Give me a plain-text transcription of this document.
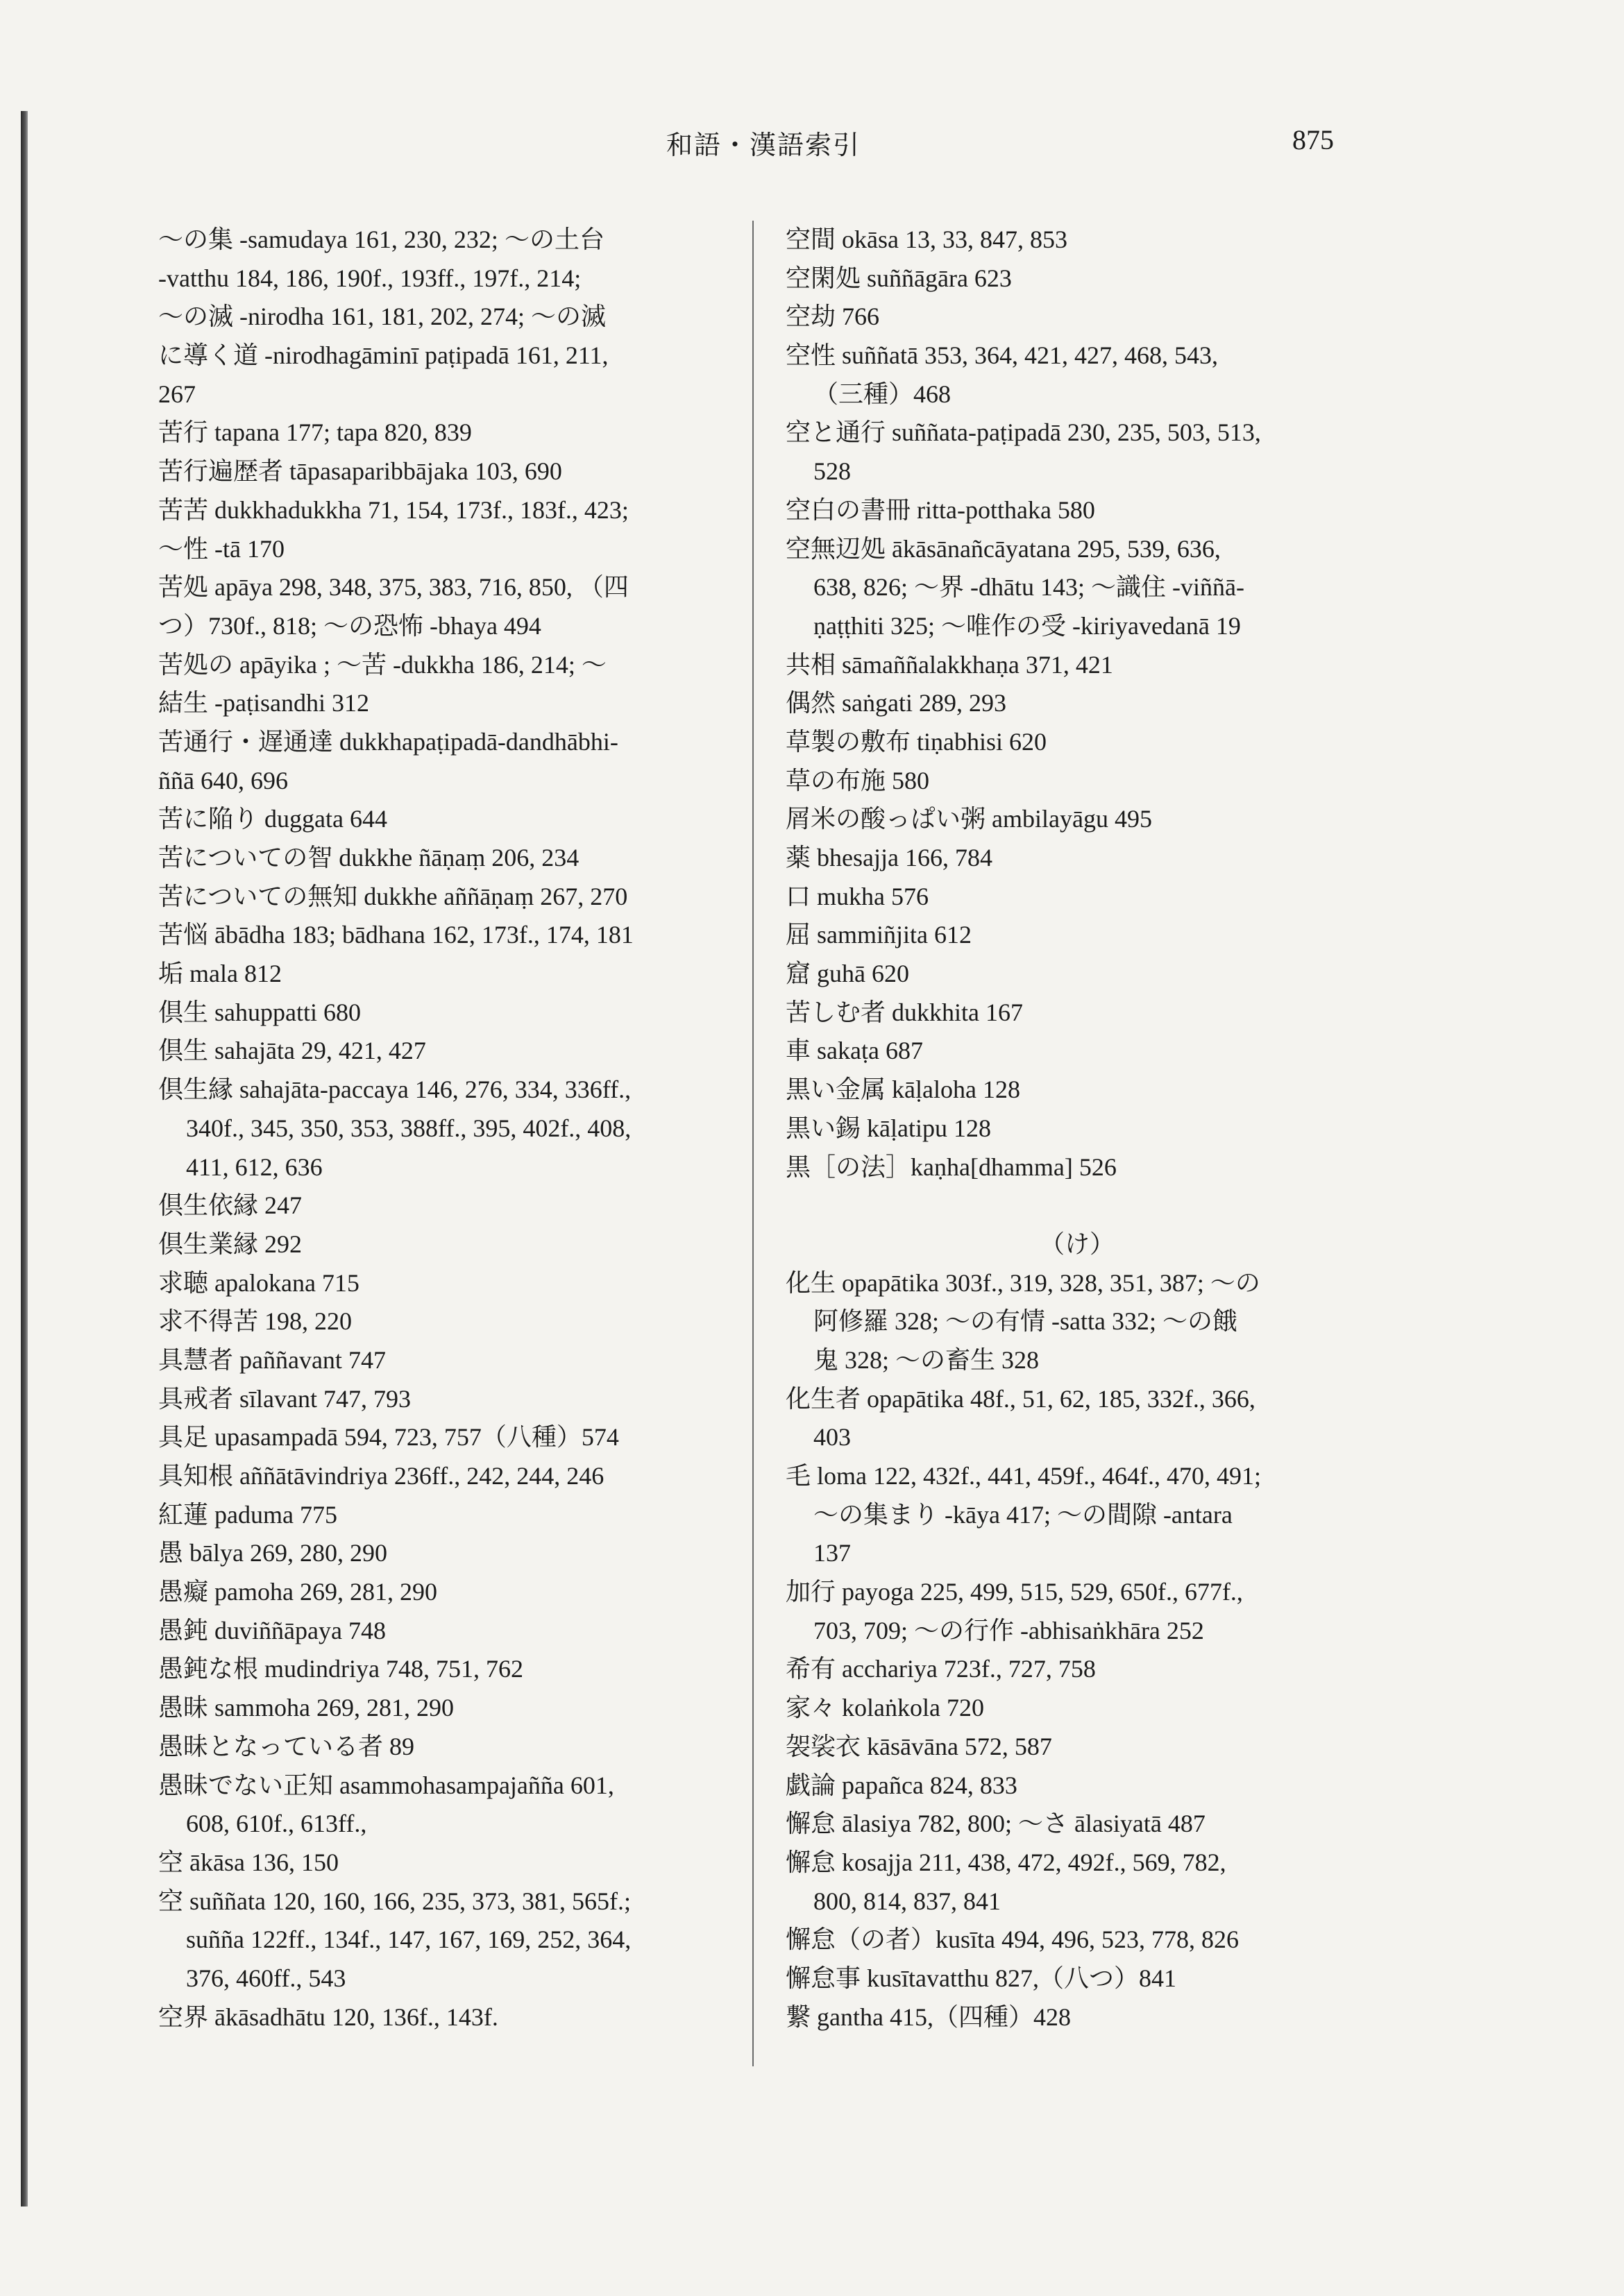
和語・漢語索引	875
～の集 -samudaya 161, 230, 232; ～の土台
-vatthu 184, 186, 190f., 193ff., 197f., 214;
～の滅 -nirodha 161, 181, 202, 274; ～の滅
に導く道 -nirodhagāminī paṭipadā 161, 211,
267
苦行 tapana 177; tapa 820, 839
苦行遍歴者 tāpasaparibbājaka 103, 690
苦苦 dukkhadukkha 71, 154, 173f., 183f., 423;
～性 -tā 170
苦処 apāya 298, 348, 375, 383, 716, 850, （四
つ）730f., 818; ～の恐怖 -bhaya 494
苦処の apāyika ; ～苦 -dukkha 186, 214; ～
結生 -paṭisandhi 312
苦通行・遅通達 dukkhapaṭipadā-dandhābhi-
ññā 640, 696
苦に陥り duggata 644
苦についての智 dukkhe ñāṇaṃ 206, 234
苦についての無知 dukkhe aññāṇaṃ 267, 270
苦悩 ābādha 183; bādhana 162, 173f., 174, 181
垢 mala 812
倶生 sahuppatti 680
倶生 sahajāta 29, 421, 427
倶生縁 sahajāta-paccaya 146, 276, 334, 336ff.,
340f., 345, 350, 353, 388ff., 395, 402f., 408,
411, 612, 636
倶生依縁 247
倶生業縁 292
求聴 apalokana 715
求不得苦 198, 220
具慧者 paññavant 747
具戒者 sīlavant 747, 793
具足 upasampadā 594, 723, 757（八種）574
具知根 aññātāvindriya 236ff., 242, 244, 246
紅蓮 paduma 775
愚 bālya 269, 280, 290
愚癡 pamoha 269, 281, 290
愚鈍 duviññāpaya 748
愚鈍な根 mudindriya 748, 751, 762
愚昧 sammoha 269, 281, 290
愚昧となっている者 89
愚昧でない正知 asammohasampajañña 601,
608, 610f., 613ff.,
空 ākāsa 136, 150
空 suññata 120, 160, 166, 235, 373, 381, 565f.;
suñña 122ff., 134f., 147, 167, 169, 252, 364,
376, 460ff., 543
空界 ākāsadhātu 120, 136f., 143f.
空間 okāsa 13, 33, 847, 853
空閑処 suññāgāra 623
空劫 766
空性 suññatā 353, 364, 421, 427, 468, 543,
（三種）468
空と通行 suññata-paṭipadā 230, 235, 503, 513,
528
空白の書冊 ritta-potthaka 580
空無辺処 ākāsānañcāyatana 295, 539, 636,
638, 826; ～界 -dhātu 143; ～識住 -viññā-
ṇaṭṭhiti 325; ～唯作の受 -kiriyavedanā 19
共相 sāmaññalakkhaṇa 371, 421
偶然 saṅgati 289, 293
草製の敷布 tiṇabhisi 620
草の布施 580
屑米の酸っぱい粥 ambilayāgu 495
薬 bhesajja 166, 784
口 mukha 576
屈 sammiñjita 612
窟 guhā 620
苦しむ者 dukkhita 167
車 sakaṭa 687
黒い金属 kāḷaloha 128
黒い錫 kāḷatipu 128
黒［の法］kaṇha[dhamma] 526
（け）
化生 opapātika 303f., 319, 328, 351, 387; ～の
阿修羅 328; ～の有情 -satta 332; ～の餓
鬼 328; ～の畜生 328
化生者 opapātika 48f., 51, 62, 185, 332f., 366,
403
毛 loma 122, 432f., 441, 459f., 464f., 470, 491;
～の集まり -kāya 417; ～の間隙 -antara
137
加行 payoga 225, 499, 515, 529, 650f., 677f.,
703, 709; ～の行作 -abhisaṅkhāra 252
希有 acchariya 723f., 727, 758
家々 kolaṅkola 720
袈裟衣 kāsāvāna 572, 587
戯論 papañca 824, 833
懈怠 ālasiya 782, 800; ～さ ālasiyatā 487
懈怠 kosajja 211, 438, 472, 492f., 569, 782,
800, 814, 837, 841
懈怠（の者）kusīta 494, 496, 523, 778, 826
懈怠事 kusītavatthu 827,（八つ）841
繋 gantha 415,（四種）428
